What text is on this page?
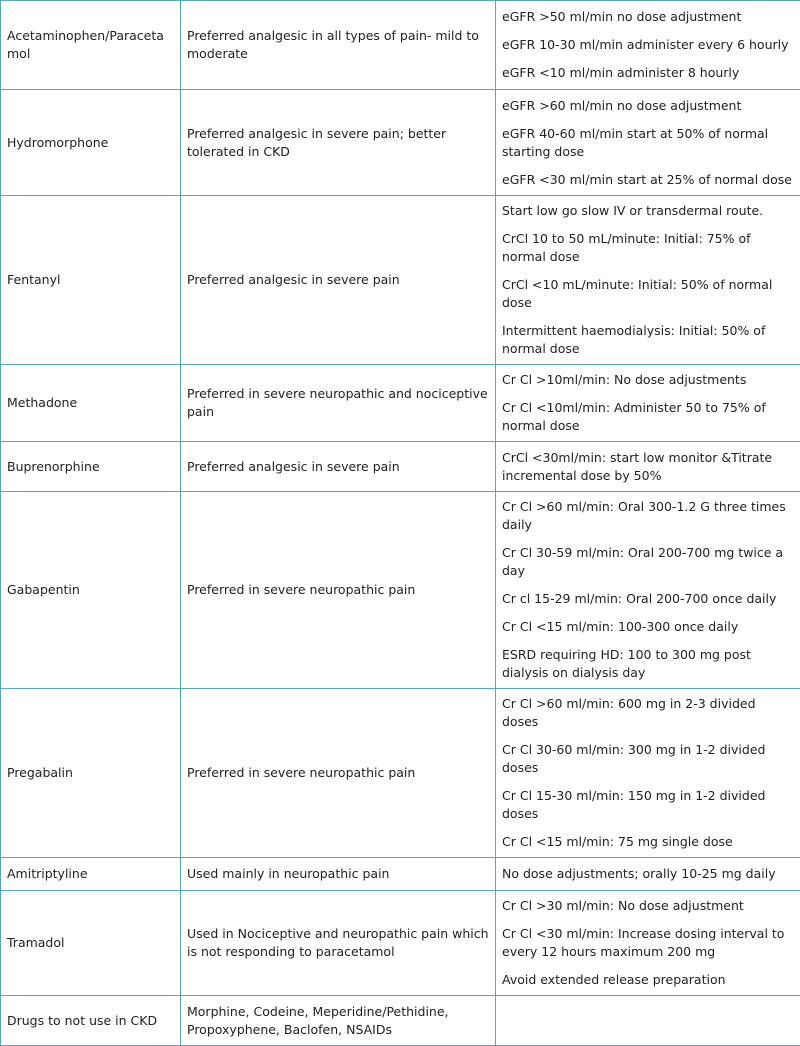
Acetaminophen/Paracetamol	Preferred analgesic in all types of pain- mild to moderate	eGFR >50 ml/min no dose adjustment

eGFR 10-30 ml/min administer every 6 hourly

eGFR <10 ml/min administer 8 hourly

Hydromorphone	Preferred analgesic in severe pain; better tolerated in CKD	eGFR >60 ml/min no dose adjustment

eGFR 40-60 ml/min start at 50% of normal starting dose

eGFR <30 ml/min start at 25% of normal dose

Fentanyl	Preferred analgesic in severe pain	Start low go slow IV or transdermal route.

CrCl 10 to 50 mL/minute: Initial: 75% of normal dose

CrCl <10 mL/minute: Initial: 50% of normal dose

Intermittent haemodialysis: Initial: 50% of normal dose

Methadone	Preferred in severe neuropathic and nociceptive pain	Cr Cl >10ml/min: No dose adjustments

Cr Cl <10ml/min: Administer 50 to 75% of normal dose

Buprenorphine	Preferred analgesic in severe pain	CrCl <30ml/min: start low monitor &Titrate incremental dose by 50%

Gabapentin	Preferred in severe neuropathic pain	Cr Cl >60 ml/min: Oral 300-1.2 G three times daily

Cr Cl 30-59 ml/min: Oral 200-700 mg twice a day

Cr cl 15-29 ml/min: Oral 200-700 once daily

Cr Cl <15 ml/min: 100-300 once daily

ESRD requiring HD: 100 to 300 mg post dialysis on dialysis day

Pregabalin	Preferred in severe neuropathic pain	Cr Cl >60 ml/min: 600 mg in 2-3 divided doses

Cr Cl 30-60 ml/min: 300 mg in 1-2 divided doses

Cr Cl 15-30 ml/min: 150 mg in 1-2 divided doses

Cr Cl <15 ml/min: 75 mg single dose

Amitriptyline	Used mainly in neuropathic pain	No dose adjustments; orally 10-25 mg daily

Tramadol	Used in Nociceptive and neuropathic pain which is not responding to paracetamol	Cr Cl >30 ml/min: No dose adjustment

Cr Cl <30 ml/min: Increase dosing interval to every 12 hours maximum 200 mg

Avoid extended release preparation

Drugs to not use in CKD	Morphine, Codeine, Meperidine/Pethidine, Propoxyphene, Baclofen, NSAIDs	
